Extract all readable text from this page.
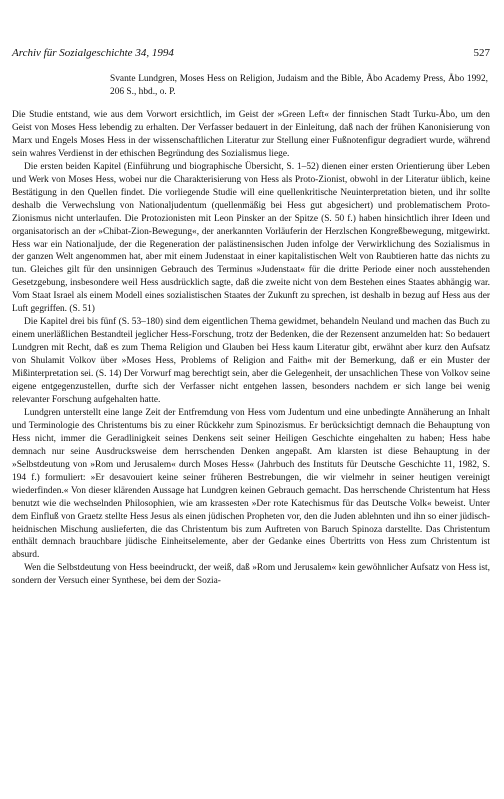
Archiv für Sozialgeschichte 34, 1994	527

Svante Lundgren, Moses Hess on Religion, Judaism and the Bible, Åbo Academy Press, Åbo 1992, 206 S., hbd., o. P.

Die Studie entstand, wie aus dem Vorwort ersichtlich, im Geist der »Green Left« der finnischen Stadt Turku-Åbo, um den Geist von Moses Hess lebendig zu erhalten. Der Verfasser bedauert in der Einleitung, daß nach der frühen Kanonisierung von Marx und Engels Moses Hess in der wissenschaftlichen Literatur zur Stellung einer Fußnotenfigur degradiert wurde, während sein wahres Verdienst in der ethischen Begründung des Sozialismus liege.

Die ersten beiden Kapitel (Einführung und biographische Übersicht, S. 1–52) dienen einer ersten Orientierung über Leben und Werk von Moses Hess, wobei nur die Charakterisierung von Hess als Proto-Zionist, obwohl in der Literatur üblich, keine Bestätigung in den Quellen findet. Die vorliegende Studie will eine quellenkritische Neuinterpretation bieten, und ihr sollte deshalb die Verwechslung von Nationaljudentum (quellenmäßig bei Hess gut abgesichert) und problematischem Proto-Zionismus nicht unterlaufen. Die Protozionisten mit Leon Pinsker an der Spitze (S. 50 f.) haben hinsichtlich ihrer Ideen und organisatorisch an der »Chibat-Zion-Bewegung«, der anerkannten Vorläuferin der Herzlschen Kongreßbewegung, mitgewirkt. Hess war ein Nationaljude, der die Regeneration der palästinensischen Juden infolge der Verwirklichung des Sozialismus in der ganzen Welt angenommen hat, aber mit einem Judenstaat in einer kapitalistischen Welt von Raubtieren hatte das nichts zu tun. Gleiches gilt für den unsinnigen Gebrauch des Terminus »Judenstaat« für die dritte Periode einer noch ausstehenden Gesetzgebung, insbesondere weil Hess ausdrücklich sagte, daß die zweite nicht von dem Bestehen eines Staates abhängig war. Vom Staat Israel als einem Modell eines sozialistischen Staates der Zukunft zu sprechen, ist deshalb in bezug auf Hess aus der Luft gegriffen. (S. 51)

Die Kapitel drei bis fünf (S. 53–180) sind dem eigentlichen Thema gewidmet, behandeln Neuland und machen das Buch zu einem unerläßlichen Bestandteil jeglicher Hess-Forschung, trotz der Bedenken, die der Rezensent anzumelden hat: So bedauert Lundgren mit Recht, daß es zum Thema Religion und Glauben bei Hess kaum Literatur gibt, erwähnt aber kurz den Aufsatz von Shulamit Volkov über »Moses Hess, Problems of Religion and Faith« mit der Bemerkung, daß er ein Muster der Mißinterpretation sei. (S. 14) Der Vorwurf mag berechtigt sein, aber die Gelegenheit, der unsachlichen These von Volkov seine eigene entgegenzustellen, durfte sich der Verfasser nicht entgehen lassen, besonders nachdem er sich lange bei wenig relevanter Forschung aufgehalten hatte.

Lundgren unterstellt eine lange Zeit der Entfremdung von Hess vom Judentum und eine unbedingte Annäherung an Inhalt und Terminologie des Christentums bis zu einer Rückkehr zum Spinozismus. Er berücksichtigt demnach die Behauptung von Hess nicht, immer die Geradlinigkeit seines Denkens seit seiner Heiligen Geschichte eingehalten zu haben; Hess habe demnach nur seine Ausdrucksweise dem herrschenden Denken angepaßt. Am klarsten ist diese Behauptung in der »Selbstdeutung von »Rom und Jerusalem« durch Moses Hess« (Jahrbuch des Instituts für Deutsche Geschichte 11, 1982, S. 194 f.) formuliert: »Er desavouiert keine seiner früheren Bestrebungen, die wir vielmehr in seiner heutigen vereinigt wiederfinden.« Von dieser klärenden Aussage hat Lundgren keinen Gebrauch gemacht. Das herrschende Christentum hat Hess benutzt wie die wechselnden Philosophien, wie am krassesten »Der rote Katechismus für das Deutsche Volk« beweist. Unter dem Einfluß von Graetz stellte Hess Jesus als einen jüdischen Propheten vor, den die Juden ablehnten und ihn so einer jüdisch-heidnischen Mischung auslieferten, die das Christentum bis zum Auftreten von Baruch Spinoza darstellte. Das Christentum enthält demnach brauchbare jüdische Einheitselemente, aber der Gedanke eines Übertritts von Hess zum Christentum ist absurd.

Wen die Selbstdeutung von Hess beeindruckt, der weiß, daß »Rom und Jerusalem« kein gewöhnlicher Aufsatz von Hess ist, sondern der Versuch einer Synthese, bei dem der Sozia-
